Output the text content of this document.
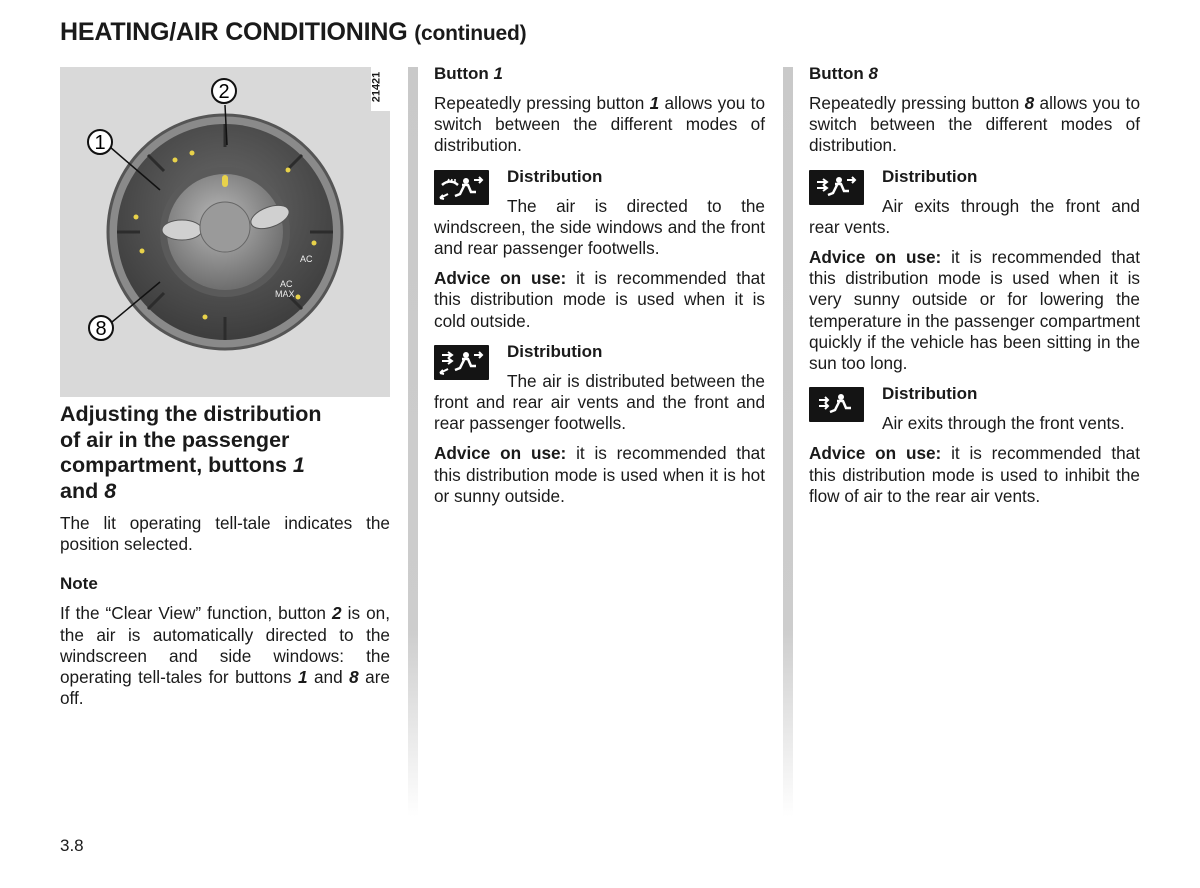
HEATING/AIR CONDITIONING (continued)
AC
AC
MAX
2
1
8
21421
Adjusting the distribution
of air in the passenger
compartment, buttons 1
and 8

The lit operating tell-tale indicates the position selected.

Note

If the “Clear View” function, button 2 is on, the air is automatically directed to the windscreen and side windows: the operating tell-tales for buttons 1 and 8 are off.

Button 1

Repeatedly pressing button 1 allows you to switch between the different modes of distribution.

Distribution

The air is directed to the windscreen, the side windows and the front and rear passenger footwells.

Advice on use: it is recommended that this distribution mode is used when it is cold outside.

Distribution

The air is distributed between the front and rear air vents and the front and rear passenger footwells.

Advice on use: it is recommended that this distribution mode is used when it is hot or sunny outside.

Button 8

Repeatedly pressing button 8 allows you to switch between the different modes of distribution.

Distribution

Air exits through the front and rear vents.

Advice on use: it is recommended that this distribution mode is used when it is very sunny outside or for lowering the temperature in the passenger compartment quickly if the vehicle has been sitting in the sun too long.

Distribution

Air exits through the front vents.

Advice on use: it is recommended that this distribution mode is used to inhibit the flow of air to the rear air vents.

3.8
